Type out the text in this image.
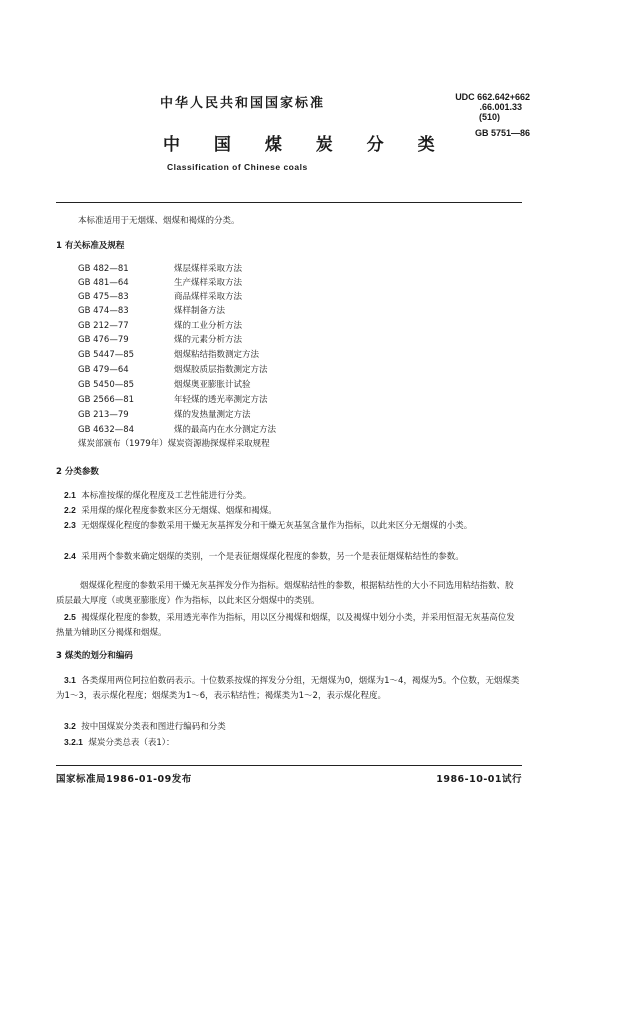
中华人民共和国国家标准
中 国 煤 炭 分 类
Classification of Chinese coals
UDC 662.642+662
.66.001.33
(510)
GB 5751—86
本标准适用于无烟煤、烟煤和褐煤的分类。
1 有关标准及规程
GB 482—81	煤层煤样采取方法
GB 481—64	生产煤样采取方法
GB 475—83	商品煤样采取方法
GB 474—83	煤样制备方法
GB 212—77	煤的工业分析方法
GB 476—79	煤的元素分析方法
GB 5447—85	烟煤粘结指数测定方法
GB 479—64	烟煤胶质层指数测定方法
GB 5450—85	烟煤奥亚膨胀计试验
GB 2566—81	年轻煤的透光率测定方法
GB 213—79	煤的发热量测定方法
GB 4632—84	煤的最高内在水分测定方法
煤炭部颁布（1979年）煤炭资源勘探煤样采取规程
2 分类参数
2.1 本标准按煤的煤化程度及工艺性能进行分类。
2.2 采用煤的煤化程度参数来区分无烟煤、烟煤和褐煤。
2.3 无烟煤煤化程度的参数采用干燥无灰基挥发分和干燥无灰基氢含量作为指标，以此来区分无烟煤的小类。
2.4 采用两个参数来确定烟煤的类别，一个是表征烟煤煤化程度的参数，另一个是表征烟煤粘结性的参数。
烟煤煤化程度的参数采用干燥无灰基挥发分作为指标。烟煤粘结性的参数，根据粘结性的大小不同选用粘结指数、胶质层最大厚度（或奥亚膨胀度）作为指标，以此来区分烟煤中的类别。
2.5 褐煤煤化程度的参数，采用透光率作为指标，用以区分褐煤和烟煤，以及褐煤中划分小类，并采用恒湿无灰基高位发热量为辅助区分褐煤和烟煤。
3 煤类的划分和编码
3.1 各类煤用两位阿拉伯数码表示。十位数系按煤的挥发分分组，无烟煤为0，烟煤为1～4，褐煤为5。个位数，无烟煤类为1～3，表示煤化程度；烟煤类为1～6，表示粘结性；褐煤类为1～2，表示煤化程度。
3.2 按中国煤炭分类表和图进行编码和分类
3.2.1 煤炭分类总表（表1）：
国家标准局1986-01-09发布	1986-10-01试行
